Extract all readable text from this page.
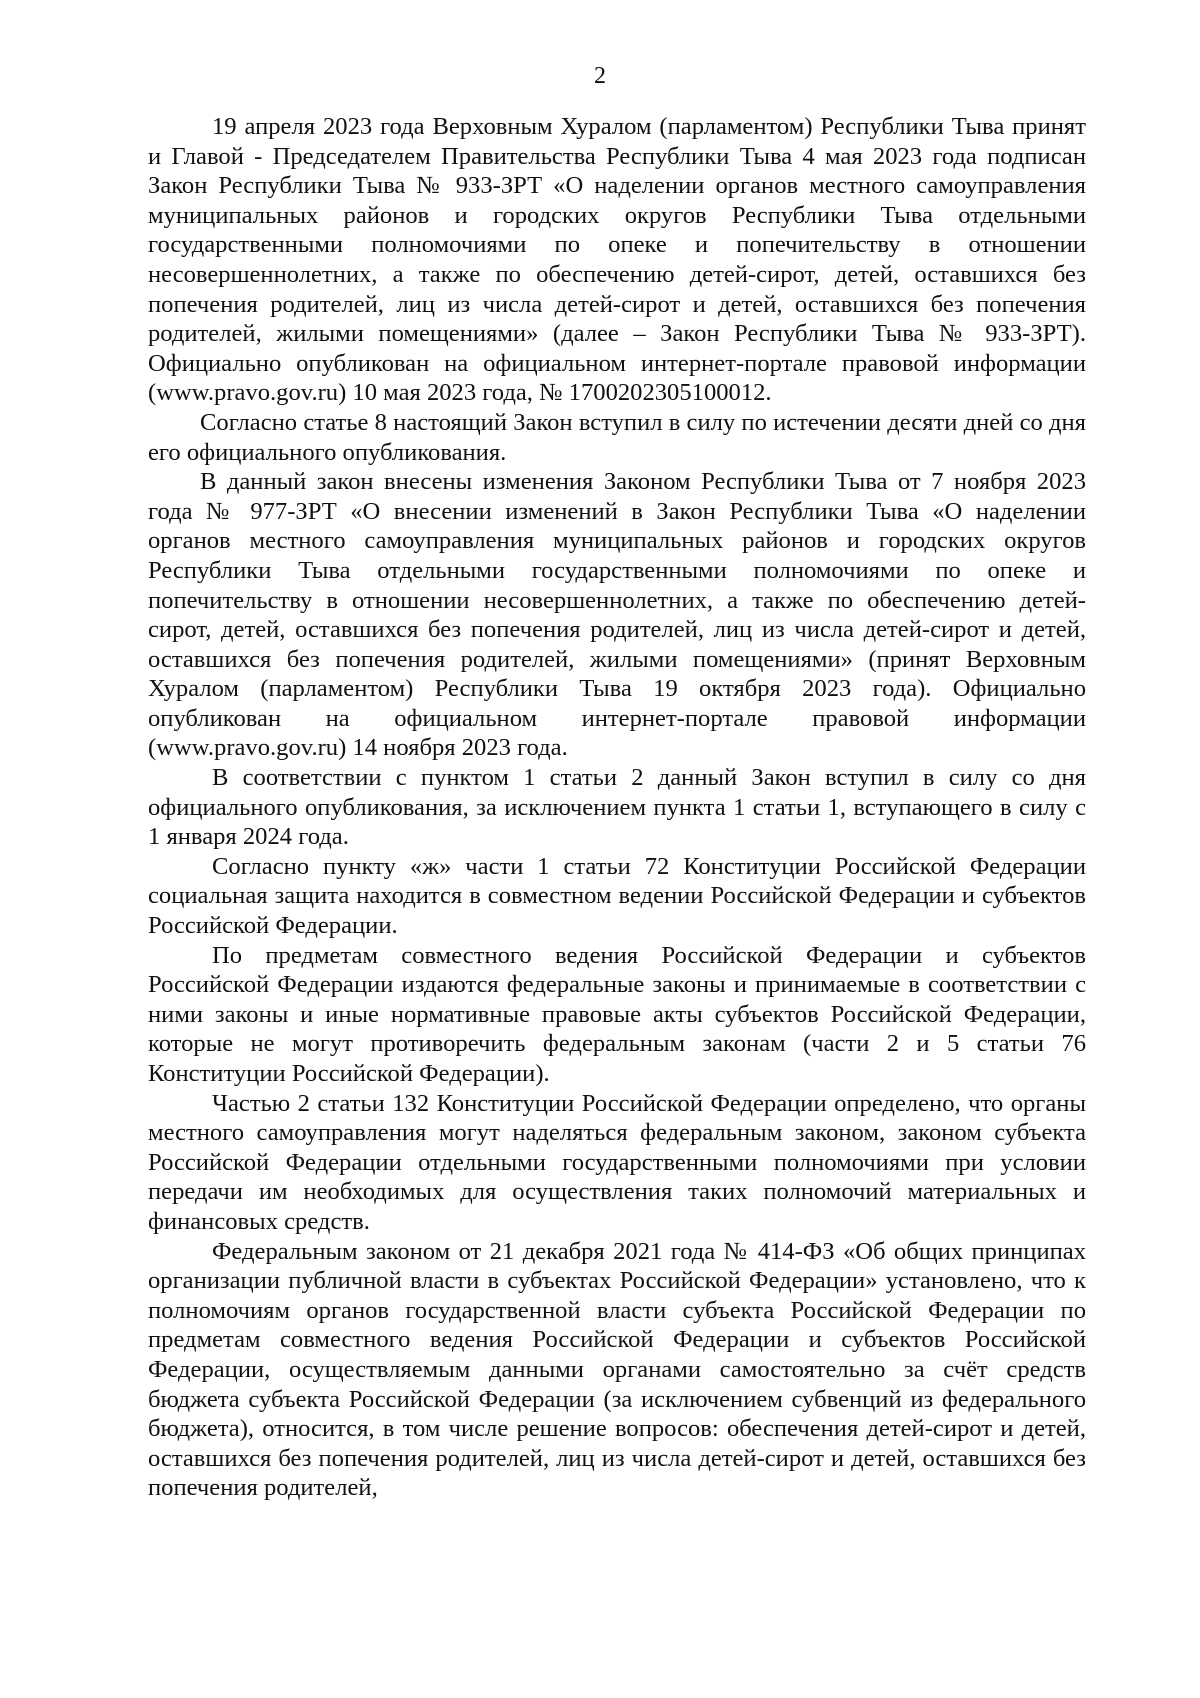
2

19 апреля 2023 года Верховным Хуралом (парламентом) Республики Тыва принят и Главой - Председателем Правительства Республики Тыва 4 мая 2023 года подписан Закон Республики Тыва № 933-ЗРТ «О наделении органов местного самоуправления муниципальных районов и городских округов Республики Тыва отдельными государственными полномочиями по опеке и попечительству в отношении несовершеннолетних, а также по обеспечению детей-сирот, детей, оставшихся без попечения родителей, лиц из числа детей-сирот и детей, оставшихся без попечения родителей, жилыми помещениями» (далее – Закон Республики Тыва № 933-ЗРТ). Официально опубликован на официальном интернет-портале правовой информации (www.pravo.gov.ru) 10 мая 2023 года, № 1700202305100012.

Согласно статье 8 настоящий Закон вступил в силу по истечении десяти дней со дня его официального опубликования.

В данный закон внесены изменения Законом Республики Тыва от 7 ноября 2023 года № 977-ЗРТ «О внесении изменений в Закон Республики Тыва «О наделении органов местного самоуправления муниципальных районов и городских округов Республики Тыва отдельными государственными полномочиями по опеке и попечительству в отношении несовершеннолетних, а также по обеспечению детей-сирот, детей, оставшихся без попечения родителей, лиц из числа детей-сирот и детей, оставшихся без попечения родителей, жилыми помещениями» (принят Верховным Хуралом (парламентом) Республики Тыва 19 октября 2023 года). Официально опубликован на официальном интернет-портале правовой информации (www.pravo.gov.ru) 14 ноября 2023 года.

В соответствии с пунктом 1 статьи 2 данный Закон вступил в силу со дня официального опубликования, за исключением пункта 1 статьи 1, вступающего в силу с 1 января 2024 года.

Согласно пункту «ж» части 1 статьи 72 Конституции Российской Федерации социальная защита находится в совместном ведении Российской Федерации и субъектов Российской Федерации.

По предметам совместного ведения Российской Федерации и субъектов Российской Федерации издаются федеральные законы и принимаемые в соответствии с ними законы и иные нормативные правовые акты субъектов Российской Федерации, которые не могут противоречить федеральным законам (части 2 и 5 статьи 76 Конституции Российской Федерации).

Частью 2 статьи 132 Конституции Российской Федерации определено, что органы местного самоуправления могут наделяться федеральным законом, законом субъекта Российской Федерации отдельными государственными полномочиями при условии передачи им необходимых для осуществления таких полномочий материальных и финансовых средств.

Федеральным законом от 21 декабря 2021 года № 414-ФЗ «Об общих принципах организации публичной власти в субъектах Российской Федерации» установлено, что к полномочиям органов государственной власти субъекта Российской Федерации по предметам совместного ведения Российской Федерации и субъектов Российской Федерации, осуществляемым данными органами самостоятельно за счёт средств бюджета субъекта Российской Федерации (за исключением субвенций из федерального бюджета), относится, в том числе решение вопросов: обеспечения детей-сирот и детей, оставшихся без попечения родителей, лиц из числа детей-сирот и детей, оставшихся без попечения родителей,
